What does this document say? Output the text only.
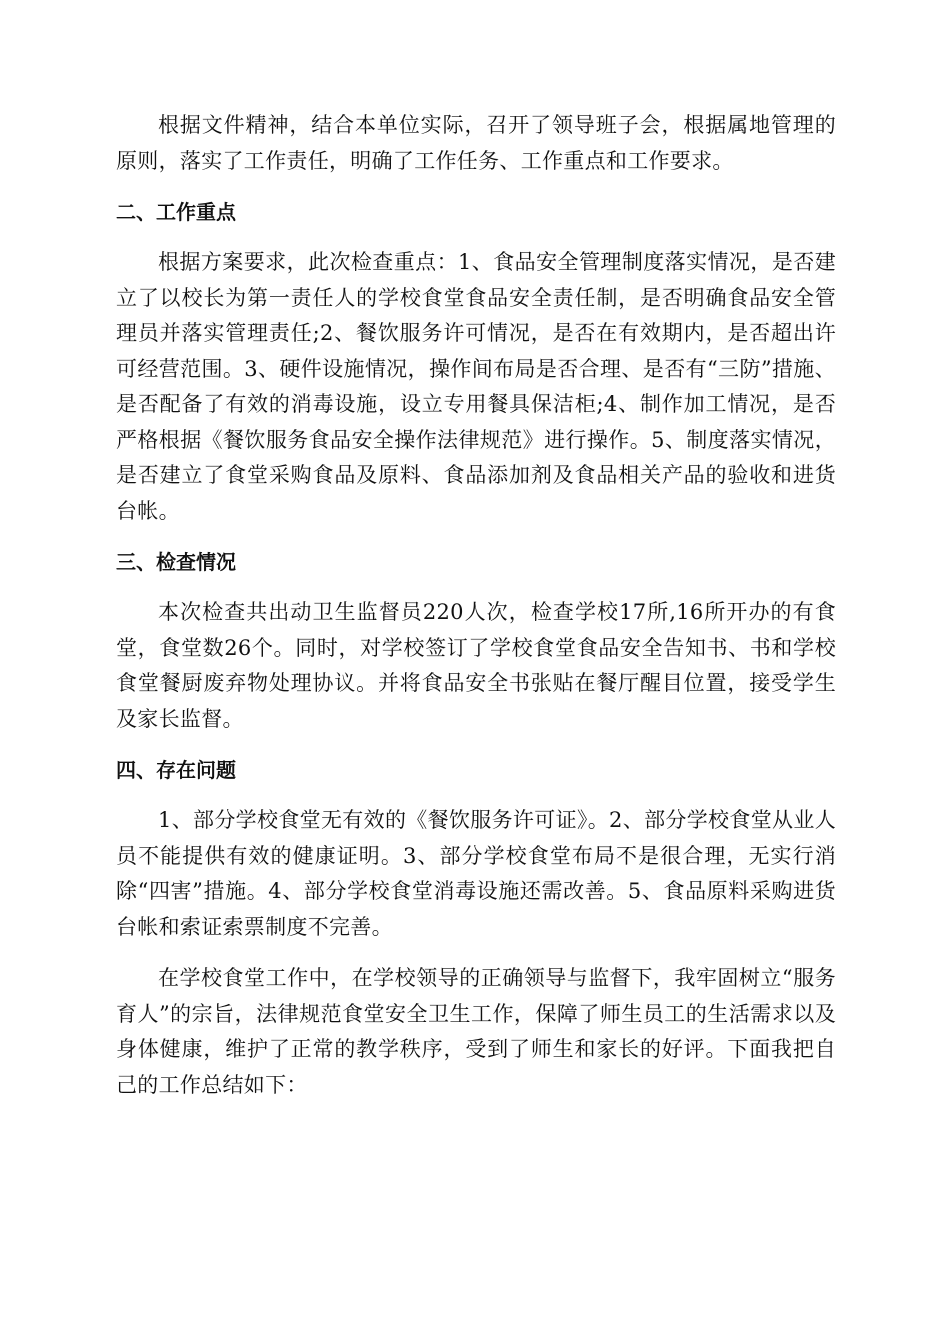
根据文件精神，结合本单位实际，召开了领导班子会，根据属地管理的原则，落实了工作责任，明确了工作任务、工作重点和工作要求。

二、工作重点

根据方案要求，此次检查重点：1、食品安全管理制度落实情况，是否建立了以校长为第一责任人的学校食堂食品安全责任制，是否明确食品安全管理员并落实管理责任;2、餐饮服务许可情况，是否在有效期内，是否超出许可经营范围。3、硬件设施情况，操作间布局是否合理、是否有“三防”措施、是否配备了有效的消毒设施，设立专用餐具保洁柜;4、制作加工情况，是否严格根据《餐饮服务食品安全操作法律规范》进行操作。5、制度落实情况，是否建立了食堂采购食品及原料、食品添加剂及食品相关产品的验收和进货台帐。

三、检查情况

本次检查共出动卫生监督员220人次，检查学校17所,16所开办的有食堂，食堂数26个。同时，对学校签订了学校食堂食品安全告知书、书和学校食堂餐厨废弃物处理协议。并将食品安全书张贴在餐厅醒目位置，接受学生及家长监督。

四、存在问题

1、部分学校食堂无有效的《餐饮服务许可证》。2、部分学校食堂从业人员不能提供有效的健康证明。3、部分学校食堂布局不是很合理，无实行消除“四害”措施。4、部分学校食堂消毒设施还需改善。5、食品原料采购进货台帐和索证索票制度不完善。

在学校食堂工作中，在学校领导的正确领导与监督下，我牢固树立“服务育人”的宗旨，法律规范食堂安全卫生工作，保障了师生员工的生活需求以及身体健康，维护了正常的教学秩序，受到了师生和家长的好评。下面我把自己的工作总结如下：
